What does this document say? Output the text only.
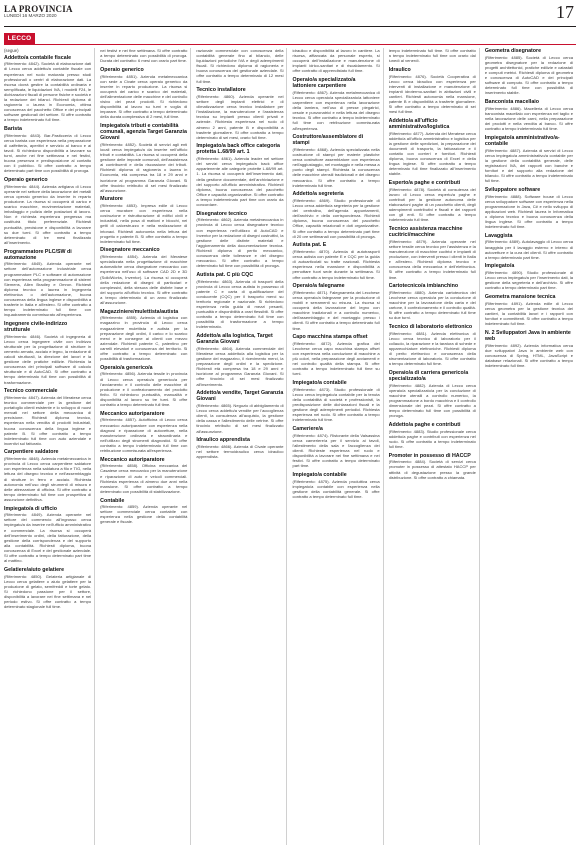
LA PROVINCIA
LUNEDÌ 16 MARZO 2020	17
LECCO
(segue)
Addetto/a contabile fiscale
(Riferimento: 4842). Società di elaborazione dati di Lecco cerca addetto/a contabile fiscale con esperienza nel ruolo maturata presso studi professionali o centri di elaborazione dati. La risorsa dovrà gestire la contabilità ordinaria e semplificata, le liquidazioni IVA, i modelli F24, le dichiarazioni fiscali di persone fisiche e società e la redazione dei bilanci. Richiesti diploma di ragioneria o laurea in Economia, ottima conoscenza del pacchetto Office e dei principali software gestionali del settore. Si offre contratto a tempo indeterminato full time.
Barista
(Riferimento: 4843). Bar-Pasticceria di Lecco cerca barista con esperienza nella preparazione di caffetteria, aperitivi e servizio al banco e ai tavoli. Si richiedono disponibilità a lavorare su turni, anche nei fine settimana e nei festivi, buona presenza e predisposizione al contatto con il pubblico. Si offre contratto a tempo determinato part time con possibilità di proroga.
Operaio generico
(Riferimento: 4844). Azienda artigiana di Lecco operante nel settore della lavorazione dei metalli cerca operaio generico da inserire in reparto produzione. La risorsa si occuperà di carico e scarico macchine, movimentazione materiali, imballaggio e pulizia delle postazioni di lavoro. Non è richiesta esperienza pregressa ma costituirà titolo preferenziale. Richiesti puntualità, precisione e disponibilità a lavorare su due turni. Si offre contratto a tempo determinato di tre mesi finalizzato all'inserimento.
Programmatore PLC/SW di automazione
(Riferimento: 4845). Azienda operante nel settore dell'automazione industriale cerca programmatore PLC e software di automazione con esperienza nella programmazione di sistemi Siemens, Allen Bradley e Omron. Richiesti diploma tecnico o laurea in Ingegneria elettronica o dell'automazione, buona conoscenza della lingua inglese e disponibilità a trasferte in Italia e all'estero. Si offre contratto a tempo indeterminato full time con inquadramento commisurato all'esperienza.
Ingegnere civile-indirizzo strutturale
(Riferimento: 4846). Società di ingegneria di Lecco cerca ingegnere civile con indirizzo strutturale per la progettazione di strutture in cemento armato, acciaio e legno, la redazione di calcoli strutturali, la direzione dei lavori e la gestione delle pratiche edilizie. Richiesta la conoscenza dei principali software di calcolo strutturale e di AutoCAD. Si offre contratto a tempo determinato full time con possibilità di trasformazione.
Tecnico commerciale
(Riferimento: 4847). Azienda del Meratese cerca tecnico commerciale per la gestione del portafoglio clienti esistente e lo sviluppo di nuovi mercati nel settore della meccanica di precisione. Richiesti diploma tecnico, esperienza nella vendita di prodotti industriali, buona conoscenza della lingua inglese e patente B. Si offre contratto a tempo indeterminato full time con auto aziendale e incentivi sul fatturato.
Carpentiere saldatore
(Riferimento: 4848). Azienda metalmeccanica in provincia di Lecco cerca carpentiere saldatore con esperienza nella saldatura a filo e TIG, nella lettura del disegno tecnico e nell'assemblaggio di strutture in ferro e acciaio. Richiesta autonomia nell'uso degli strumenti di misura e delle attrezzature di officina. Si offre contratto a tempo determinato full time con prospettiva di assunzione definitiva.
Impiegato/a di ufficio
(Riferimento: 4849). Azienda operante nel settore del commercio all'ingrosso cerca impiegato/a da inserire nell'ufficio amministrativo e commerciale. La risorsa si occuperà dell'inserimento ordini, della fatturazione, della gestione della corrispondenza e del supporto alla contabilità. Richiesti diploma, buona conoscenza di Excel e del gestionale aziendale. Si offre contratto a tempo determinato part time al mattino.
Gelatiere/aiuto gelatiere
(Riferimento: 4850). Gelateria artigianale di Lecco cerca gelatiere o aiuto gelatiere per la produzione di gelato, semifreddi e torte gelato. Si richiedono passione per il settore, disponibilità a lavorare nei fine settimana e nel periodo estivo. Si offre contratto a tempo determinato stagionale full time.
nei festivi e nei fine settimana. Si offre contratto a tempo determinato con possibilità di proroga. Durata del contratto: 6 mesi con orario part time.
Operaio generico
(Riferimento: 4851). Azienda metalmeccanica con sede a Civate cerca operaio generico da inserire in reparto produzione. La risorsa si occuperà del carico e scarico dei materiali, dell'alimentazione delle macchine e del controllo visivo dei pezzi prodotti. Si richiedono disponibilità al lavoro su turni e voglia di imparare. Si offre contratto a tempo determinato della durata complessiva di 2 mesi, full time.
Impiegato/a tributi e contabilità comunali, agenzia Target Garanzia Giovani
(Riferimento: 4852). Società di servizi agli enti locali cerca impiegato/a da inserire nell'ufficio tributi e contabilità. La risorsa si occuperà della gestione delle imposte comunali, dell'assistenza ai contribuenti e della riscossione dei tributi. Richiesti diploma di ragioneria o laurea in Economia, età compresa tra 18 e 29 anni e iscrizione al programma Garanzia Giovani. Si offre tirocinio retribuito di sei mesi finalizzato all'assunzione.
Muratore
(Riferimento: 4853). Impresa edile di Lecco cerca muratore con esperienza nella costruzione e ristrutturazione di edifici civili e industriali, nella posa di mattoni e blocchi, nei getti di calcestruzzo e nella realizzazione di intonaci. Richiesti autonomia nella lettura del progetto e patente B. Si offre contratto a tempo indeterminato full time.
Disegnatore meccanico
(Riferimento: 4854). Azienda del Meratese specializzata nella progettazione di macchine automatiche cerca disegnatore meccanico con esperienza nell'uso di software CAD 2D e 3D (SolidWorks, Inventor). La risorsa si occuperà della redazione di disegni di particolari e complessivi, della stesura delle distinte base e del supporto all'ufficio tecnico. Si offre contratto a tempo determinato di un anno finalizzato all'assunzione.
Magazziniere/mulettista/autista
(Riferimento: 4855). Azienda di logistica con magazzino in provincia di Lecco cerca magazziniere mulettista e autista per la preparazione degli ordini, il carico e lo scarico merci e le consegne ai clienti con mezzo aziendale. Richiesti patente C, patentino per carrelli elevatori e conoscenza del territorio. Si offre contratto a tempo determinato con possibilità di trasformazione.
Operaio/a generico/a
(Riferimento: 4856). Azienda tessile in provincia di Lecco cerca operaio/a generico/a per l'avviamento e il controllo delle macchine di produzione e il confezionamento del prodotto finito. Si richiedono puntualità, manualità e disponibilità al lavoro su tre turni. Si offre contratto a tempo determinato full time.
Meccanico autoriparatore
(Riferimento: 4857). Autofficina di Lecco cerca meccanico autoriparatore con esperienza nella diagnosi e riparazione di autovetture, nella manutenzione ordinaria e straordinaria e nell'utilizzo degli strumenti diagnostici. Si offre contratto a tempo indeterminato full time con retribuzione commisurata all'esperienza.
Meccanico autoriparatore
(Riferimento: 4858). Officina meccanica del Casatese cerca meccanico per la manutenzione e riparazione di auto e veicoli commerciali. Richiesta esperienza di almeno due anni nella mansione. Si offre contratto a tempo determinato con possibilità di stabilizzazione.
Contabile
(Riferimento: 4859). Azienda operante nel settore commerciale cerca contabile con esperienza nella gestione della contabilità generale e fiscale.
razionale commerciale con conoscenza della contabilità generale fino al bilancio, delle liquidazioni periodiche IVA e degli adempimenti fiscali. Si richiedono diploma di ragioneria e buona conoscenza del gestionale aziendale. Si offre contratto a tempo determinato di 12 mesi full time.
Tecnico installatore
(Riferimento: 4860). Azienda operante nel settore degli impianti elettrici e di climatizzazione cerca tecnico installatore per l'installazione, la manutenzione e l'assistenza tecnica su impianti presso clienti privati e aziende. Richiesta esperienza nel ruolo di almeno 2 anni, patente B e disponibilità a trasferte giornaliere. Si offre contratto a tempo determinato di sei mesi, orario full time.
Impiegato/a back office categoria protetta L.68/99 art. 1
(Riferimento: 4861). Azienda leader nel settore dei servizi cerca impiegato/a back office appartenente alle categorie protette L.68/99 art. 1. La risorsa si occuperà dell'inserimento dati, della gestione documentale, dell'archiviazione e del supporto all'ufficio amministrativo. Richiesti diploma, buona conoscenza del pacchetto Office e capacità organizzative. Si offre contratto a tempo indeterminato part time con orario da concordare.
Disegnatore tecnico
(Riferimento: 4862). Azienda metalmeccanica in provincia di Lecco cerca disegnatore tecnico con esperienza nell'utilizzo di AutoCAD e Inventor per la redazione di disegni costruttivi, la gestione delle distinte materiali e l'aggiornamento della documentazione tecnica. Richiesti diploma di perito meccanico, conoscenza delle tolleranze e del disegno meccanico. Si offre contratto a tempo determinato full time con possibilità di proroga.
Autista pat. C più CQC
(Riferimento: 4863). Azienda di trasporti della provincia di Lecco cerca autista in possesso di patente C e carta di qualificazione del conducente (CQC) per il trasporto merci su territorio regionale e nazionale. Si richiedono esperienza nella guida di mezzi pesanti, puntualità e disponibilità a orari flessibili. Si offre contratto a tempo determinato full time con possibilità di trasformazione a tempo indeterminato.
Addetto/a alla logistica, Target Garanzia Giovani
(Riferimento: 4864). Azienda commerciale del Meratese cerca addetto/a alla logistica per la gestione del magazzino, il ricevimento merci, la preparazione degli ordini e la spedizione. Richiesti età compresa tra 18 e 29 anni e iscrizione al programma Garanzia Giovani. Si offre tirocinio di sei mesi finalizzato all'inserimento.
Addetto/a vendite, Target Garanzia Giovani
(Riferimento: 4865). Negozio di abbigliamento di Lecco cerca addetto/a vendite per l'accoglienza clienti, la consulenza all'acquisto, la gestione della cassa e l'allestimento delle vetrine. Si offre tirocinio retribuito di sei mesi finalizzato all'assunzione.
Idraulico apprendista
(Riferimento: 4866). Azienda di Civate operante nel settore termoidraulico cerca idraulico apprendista.
idraulico e disponibilità al lavoro in cantiere. La risorsa, affiancata da personale esperto, si occuperà dell'installazione e manutenzione di impianti idrico-sanitari e di riscaldamento. Si offre contratto di apprendistato full time.
Operaio/a specializzato/a lattoniere carpentiere
(Riferimento: 4867). Azienda metalmeccanica di Lecco cerca operaio/a specializzato/a lattoniere carpentiere con esperienza nella lavorazione della lamiera, nell'uso di presse piegatrici, cesoie e punzonatrici e nella lettura del disegno tecnico. Si offre contratto a tempo indeterminato full time con retribuzione commisurata all'esperienza.
Costruttore/assemblatore di stampi
(Riferimento: 4868). Azienda specializzata nella costruzione di stampi per materie plastiche cerca costruttore assemblatore con esperienza nell'aggiustaggio, nel montaggio e nella messa a punto degli stampi. Richiesta la conoscenza delle macchine utensili tradizionali e del disegno meccanico. Si offre contratto a tempo indeterminato full time.
Addetto/a segreteria
(Riferimento: 4869). Studio professionale di Lecco cerca addetto/a segreteria per la gestione del centralino, dell'agenda appuntamenti, dell'archivio e della corrispondenza. Richiesti diploma, buona conoscenza del pacchetto Office, capacità relazionali e doti organizzative. Si offre contratto a tempo determinato part time di 20 ore settimanali con possibilità di proroga.
Autista pat. E
(Riferimento: 4870). Azienda di autotrasporti cerca autista con patente E e CQC per la guida di autoarticolati su tratte nazionali. Richiesta esperienza nella mansione e disponibilità a pernottare fuori sede durante la settimana. Si offre contratto a tempo indeterminato full time.
Operaio/a falegname
(Riferimento: 4871). Falegnameria del Lecchese cerca operaio/a falegname per la produzione di mobili e serramenti su misura. La risorsa si occuperà della lavorazione del legno con macchine tradizionali e a controllo numerico, dell'assemblaggio e del montaggio presso i clienti. Si offre contratto a tempo determinato full time.
Capo macchina stampa offset
(Riferimento: 4872). Azienda grafica del Lecchese cerca capo macchina stampa offset con esperienza nella conduzione di macchine a più colori, nella preparazione degli avviamenti e nel controllo qualità della stampa. Si offre contratto a tempo indeterminato full time su turni.
Impiegato/a contabile
(Riferimento: 4873). Studio professionale di Lecco cerca impiegato/a contabile per la tenuta della contabilità di società e professionisti, la predisposizione delle dichiarazioni fiscali e la gestione degli adempimenti periodici. Richiesta esperienza nel ruolo. Si offre contratto a tempo indeterminato full time.
Cameriere/a
(Riferimento: 4874). Ristorante della Valsassina cerca cameriere/a per il servizio ai tavoli, l'allestimento della sala e l'accoglienza dei clienti. Richieste esperienza nel ruolo e disponibilità a lavorare nei fine settimana e nei festivi. Si offre contratto a tempo determinato part time.
Impiegato/a contabile
(Riferimento: 4875). Azienda produttiva cerca impiegato/a contabile con esperienza nella gestione della contabilità generale. Si offre contratto a tempo determinato full time.
tempo indeterminato full time. Si offre contratto a tempo indeterminato full time con orario dal lunedì al venerdì.
Idraulico
(Riferimento: 4876). Società Cooperativa di Lecco cerca idraulico con esperienza per interventi di installazione e manutenzione di impianti idrotermo-sanitari in abitazioni civili e cantieri. Richiesti autonomia nella mansione, patente B e disponibilità a trasferte giornaliere. Si offre contratto a tempo determinato di sei mesi full time.
Addetto/a all'ufficio amministrativo/logistica
(Riferimento: 4877). Azienda del Meratese cerca addetto/a all'ufficio amministrativo e logistica per la gestione delle spedizioni, la preparazione dei documenti di trasporto, la fatturazione e il contatto con corrieri e fornitori. Richiesti diploma, buona conoscenza di Excel e della lingua inglese. Si offre contratto a tempo determinato full time finalizzato all'inserimento stabile.
Esperto/a paghe e contributi
(Riferimento: 4878). Società di consulenza del lavoro di Lecco cerca esperto/a paghe e contributi per la gestione autonoma delle elaborazioni paghe di un pacchetto clienti, degli adempimenti contributivi e fiscali e dei rapporti con gli enti. Si offre contratto a tempo indeterminato full time.
Tecnico assistenza macchine cucitrici/macchine
(Riferimento: 4879). Azienda operante nel settore tessile cerca tecnico per l'assistenza e la manutenzione di macchine cucitrici e impianti di produzione, con interventi presso i clienti in Italia e all'estero. Richiesti diploma tecnico e conoscenza della meccanica e dell'elettronica. Si offre contratto a tempo indeterminato full time.
Cartotecnico/a imbianchino
(Riferimento: 4880). Azienda cartotecnica del Lecchese cerca operaio/a per la conduzione di macchine per la lavorazione della carta e del cartone, il confezionamento e il controllo qualità. Si offre contratto a tempo determinato full time su due turni.
Tecnico di laboratorio elettronico
(Riferimento: 4881). Azienda elettronica di Lecco cerca tecnico di laboratorio per il collaudo, la riparazione e la taratura di schede e apparecchiature elettroniche. Richiesti diploma di perito elettronico e conoscenza della strumentazione di laboratorio. Si offre contratto a tempo determinato full time.
Operaio/a di carriera generico/a specializzato/a
(Riferimento: 4882). Azienda di Lecco cerca operaio/a specializzato/a per la conduzione di macchine utensili a controllo numerico, la programmazione a bordo macchina e il controllo dimensionale dei pezzi. Si offre contratto a tempo determinato full time con possibilità di proroga.
Addetto/a paghe e contributi
(Riferimento: 4883). Studio professionale cerca addetto/a paghe e contributi con esperienza nel ruolo. Si offre contratto a tempo indeterminato full time.
Promoter in possesso di HACCP
(Riferimento: 4884). Società di servizi cerca promoter in possesso di attestato HACCP per attività di degustazione presso la grande distribuzione. Si offre contratto a chiamata.
Geometra disegnatore
(Riferimento: 4885). Società di Lecco cerca geometra disegnatore per la redazione di progetti architettonici, pratiche edilizie e catastali e computi metrici. Richiesti diploma di geometra e conoscenza di AutoCAD e dei principali software di computo. Si offre contratto a tempo determinato full time con possibilità di inserimento stabile.
Banconista macellaio
(Riferimento: 4886). Macelleria di Lecco cerca banconista macellaio con esperienza nel taglio e nella lavorazione delle carni, nella preparazione dei prodotti e nella vendita al banco. Si offre contratto a tempo indeterminato full time.
Impiegato/a amministrativo/a-contabile
(Riferimento: 4887). Azienda di servizi di Lecco cerca impiegato/a amministrativo/a contabile per la gestione della contabilità generale, delle registrazioni IVA, dei rapporti con banche e fornitori e del supporto alla redazione del bilancio. Si offre contratto a tempo indeterminato full time.
Sviluppatore software
(Riferimento: 4888). Software house di Lecco cerca sviluppatore software con esperienza nella programmazione in Java, C# e nello sviluppo di applicazioni web. Richiesti laurea in Informatica o diploma tecnico e buona conoscenza della lingua inglese. Si offre contratto a tempo indeterminato full time.
Lavaggista
(Riferimento: 4889). Autolavaggio di Lecco cerca lavaggista per il lavaggio esterno e interno di autovetture e la cura dei clienti. Si offre contratto a tempo determinato part time.
Impiegato/a
(Riferimento: 4890). Studio professionale di Lecco cerca impiegato/a per l'inserimento dati, la gestione della segreteria e dell'archivio. Si offre contratto a tempo determinato part time.
Geometra mansione tecnica
(Riferimento: 4891). Azienda edile di Lecco cerca geometra per la gestione tecnica dei cantieri, la contabilità lavori e i rapporti con fornitori e committenti. Si offre contratto a tempo indeterminato full time.
N. 2 Sviluppatori Java in ambiente web
(Riferimento: 4892). Azienda informatica cerca due sviluppatori Java in ambiente web con conoscenza di Spring, HTML, JavaScript e database relazionali. Si offre contratto a tempo indeterminato full time.
